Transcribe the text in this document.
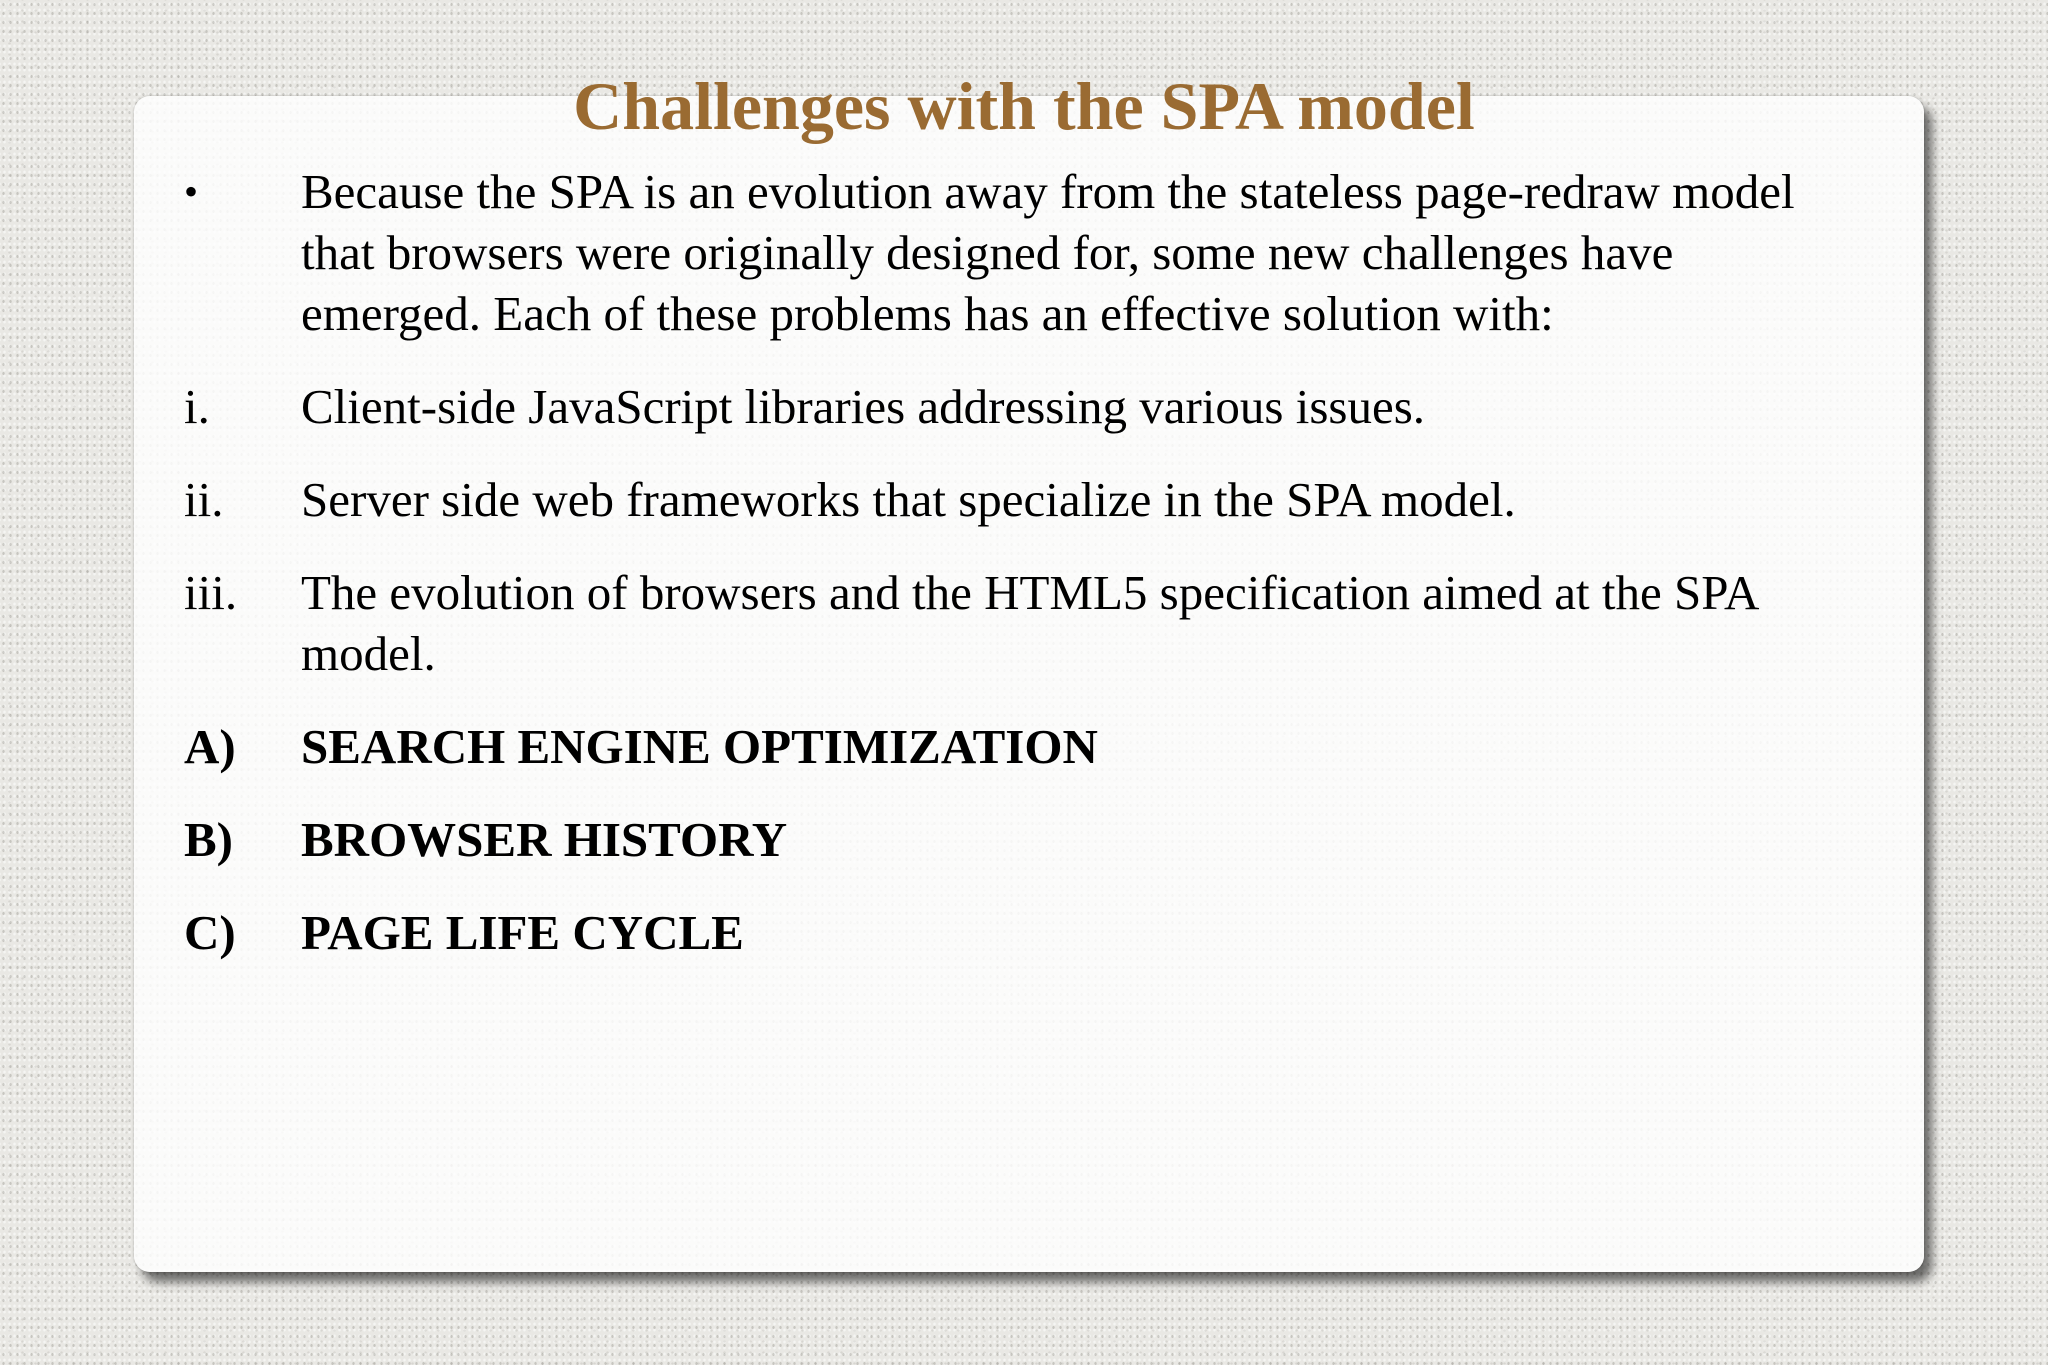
Challenges with the SPA model
•	Because the SPA is an evolution away from the stateless page-redraw model that browsers were originally designed for, some new challenges have emerged. Each of these problems has an effective solution with:
i.	Client-side JavaScript libraries addressing various issues.
ii.	Server side web frameworks that specialize in the SPA model.
iii.	The evolution of browsers and the HTML5 specification aimed at the SPA model.
A)	SEARCH ENGINE OPTIMIZATION
B)	BROWSER HISTORY
C)	PAGE LIFE CYCLE
